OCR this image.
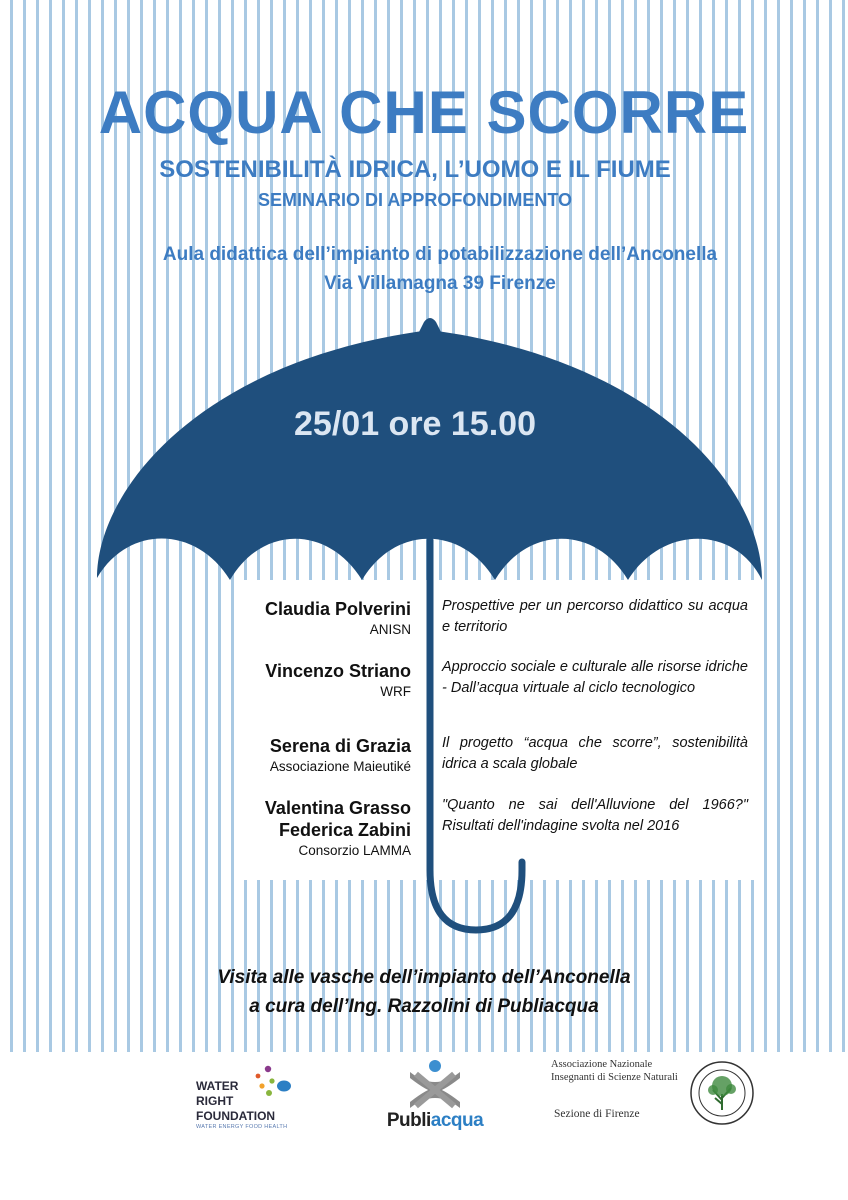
ACQUA CHE SCORRE
SOSTENIBILITÀ IDRICA, L’UOMO E IL FIUME
SEMINARIO DI APPROFONDIMENTO
Aula didattica dell’impianto di potabilizzazione dell’Anconella
Via Villamagna 39 Firenze
25/01 ore 15.00
Claudia Polverini
ANISN
Prospettive per un percorso didattico su acqua e territorio
Vincenzo Striano
WRF
Approccio sociale e culturale alle risorse idriche - Dall’acqua virtuale al ciclo tecnologico
Serena di Grazia
Associazione Maieutiké
Il progetto “acqua che scorre”, sostenibilità idrica a scala globale
Valentina Grasso
Federica Zabini
Consorzio LAMMA
"Quanto ne sai dell'Alluvione del 1966?" Risultati dell'indagine svolta nel 2016
Visita alle vasche dell’impianto dell’Anconella
a cura dell’Ing. Razzolini di Publiacqua
WATER
RIGHT
FOUNDATION
WATER ENERGY FOOD HEALTH	Publiacqua
Associazione Nazionale
Insegnanti di Scienze Naturali
Sezione di Firenze
